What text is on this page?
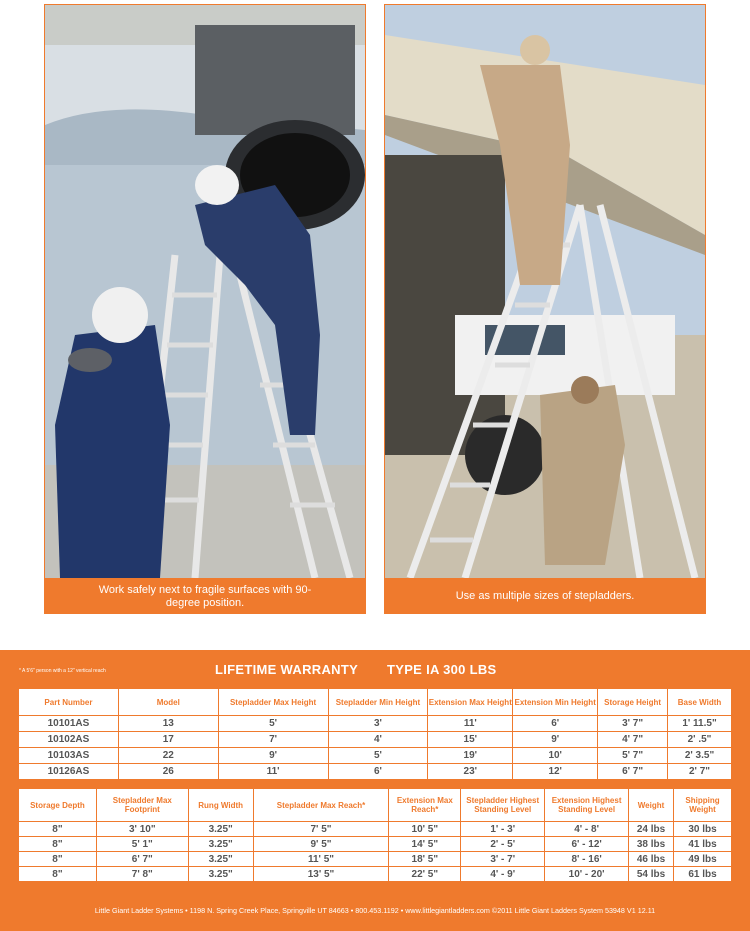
Work safely next to fragile surfaces with 90-degree position.
Use as multiple sizes of stepladders.
* A 5'6" person with a 12" vertical reach	LIFETIME WARRANTY TYPE IA 300 LBS
Part Number	Model	Stepladder Max Height	Stepladder Min Height	Extension Max Height	Extension Min Height	Storage Height	Base Width
10101AS	13	5'	3'	11'	6'	3' 7"	1' 11.5"
10102AS	17	7'	4'	15'	9'	4' 7"	2' .5"
10103AS	22	9'	5'	19'	10'	5' 7"	2' 3.5"
10126AS	26	11'	6'	23'	12'	6' 7"	2' 7"
Storage Depth	Stepladder Max Footprint	Rung Width	Stepladder Max Reach*	Extension Max Reach*	Stepladder Highest Standing Level	Extension Highest Standing Level	Weight	Shipping Weight
8"	3' 10"	3.25"	7' 5"	10' 5"	1' - 3'	4' - 8'	24 lbs	30 lbs
8"	5' 1"	3.25"	9' 5"	14' 5"	2' - 5'	6' - 12'	38 lbs	41 lbs
8"	6' 7"	3.25"	11' 5"	18' 5"	3' - 7'	8' - 16'	46 lbs	49 lbs
8"	7' 8"	3.25"	13' 5"	22' 5"	4' - 9'	10' - 20'	54 lbs	61 lbs
Little Giant Ladder Systems • 1198 N. Spring Creek Place, Springville UT 84663 • 800.453.1192 • www.littlegiantladders.com ©2011 Little Giant Ladders System 53948 V1 12.11
